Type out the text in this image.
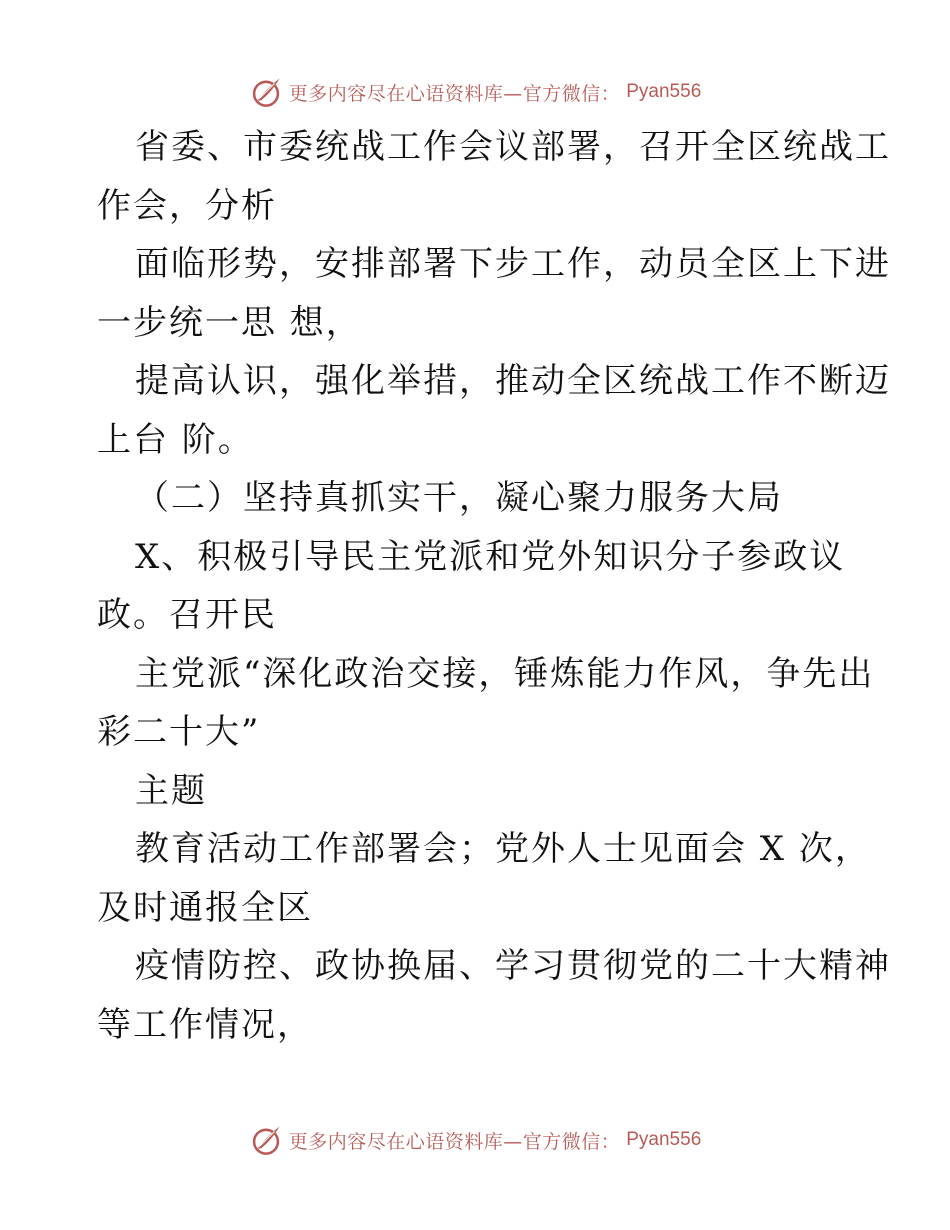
更多内容尽在心语资料库—官方微信： Pyan556
省委、市委统战工作会议部署，召开全区统战工
作会，分析
面临形势，安排部署下步工作，动员全区上下进
一步统一思 想，
提高认识，强化举措，推动全区统战工作不断迈
上台 阶。
（二）坚持真抓实干，凝心聚力服务大局
X、积极引导民主党派和党外知识分子参政议
政。召开民
主党派“深化政治交接，锤炼能力作风，争先出
彩二十大”
主题
教育活动工作部署会；党外人士见面会 X 次，
及时通报全区
疫情防控、政协换届、学习贯彻党的二十大精神
等工作情况，
更多内容尽在心语资料库—官方微信： Pyan556
